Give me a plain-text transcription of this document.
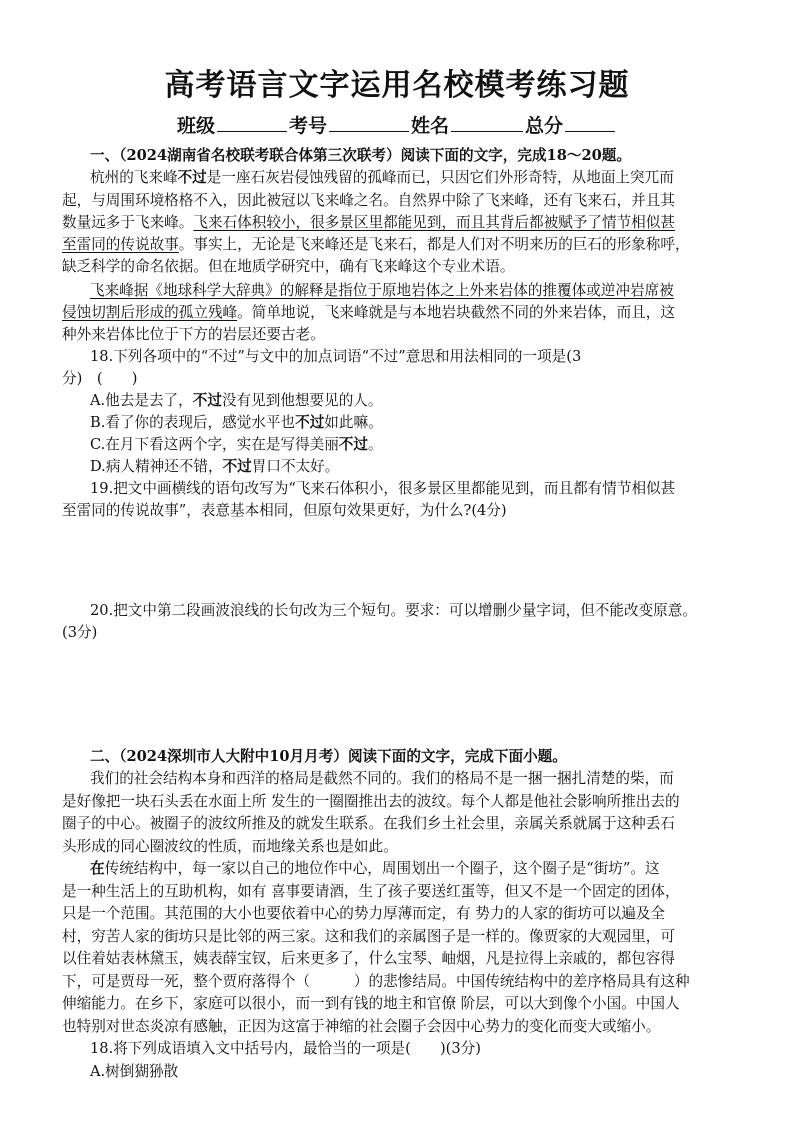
高考语言文字运用名校模考练习题
班级	考号	姓名	总分
一、（2024湖南省名校联考联合体第三次联考）阅读下面的文字，完成18～20题。
杭州的飞来峰不过是一座石灰岩侵蚀残留的孤峰而已，只因它们外形奇特，从地面上突兀而
起，与周围环境格格不入，因此被冠以飞来峰之名。自然界中除了飞来峰，还有飞来石，并且其
数量远多于飞来峰。飞来石体积较小，很多景区里都能见到，而且其背后都被赋予了情节相似甚
至雷同的传说故事。事实上，无论是飞来峰还是飞来石，都是人们对不明来历的巨石的形象称呼，
缺乏科学的命名依据。但在地质学研究中，确有飞来峰这个专业术语。
飞来峰据《地球科学大辞典》的解释是指位于原地岩体之上外来岩体的推覆体或逆冲岩席被
侵蚀切割后形成的孤立残峰。简单地说，飞来峰就是与本地岩块截然不同的外来岩体，而且，这
种外来岩体比位于下方的岩层还要古老。
18.下列各项中的“不过”与文中的加点词语“不过”意思和用法相同的一项是(3
分)　(　　)
A.他去是去了，不过没有见到他想要见的人。
B.看了你的表现后，感觉水平也不过如此嘛。
C.在月下看这两个字，实在是写得美丽不过。
D.病人精神还不错，不过胃口不太好。
19.把文中画横线的语句改写为“飞来石体积小，很多景区里都能见到，而且都有情节相似甚
至雷同的传说故事”，表意基本相同，但原句效果更好，为什么?(4分)
20.把文中第二段画波浪线的长句改为三个短句。要求：可以增删少量字词，但不能改变原意。
(3分)
二、（2024深圳市人大附中10月月考）阅读下面的文字，完成下面小题。
我们的社会结构本身和西洋的格局是截然不同的。我们的格局不是一捆一捆扎清楚的柴，而
是好像把一块石头丢在水面上所 发生的一圈圈推出去的波纹。每个人都是他社会影响所推出去的
圈子的中心。被圈子的波纹所推及的就发生联系。在我们乡土社会里，亲属关系就属于这种丢石
头形成的同心圈波纹的性质，而地缘关系也是如此。
在传统结构中，每一家以自己的地位作中心，周围划出一个圈子，这个圈子是“街坊”。这
是一种生活上的互助机构，如有 喜事要请酒，生了孩子要送红蛋等，但又不是一个固定的团体，
只是一个范围。其范围的大小也要依着中心的势力厚薄而定，有 势力的人家的街坊可以遍及全
村，穷苦人家的街坊只是比邻的两三家。这和我们的亲属图子是一样的。像贾家的大观园里，可
以住着姑表林黛玉，姨表薛宝钗，后来更多了，什么宝琴、岫烟，凡是拉得上亲戚的，都包容得
下，可是贾母一死，整个贾府落得个（　　　）的悲惨结局。中国传统结构中的差序格局具有这种
伸缩能力。在乡下，家庭可以很小，而一到有钱的地主和官僚 阶层，可以大到像个小国。中国人
也特别对世态炎凉有感触，正因为这富于神缩的社会圈子会因中心势力的变化而变大或缩小。
18.将下列成语填入文中括号内，最恰当的一项是(　　)(3分)
A.树倒猢狲散
